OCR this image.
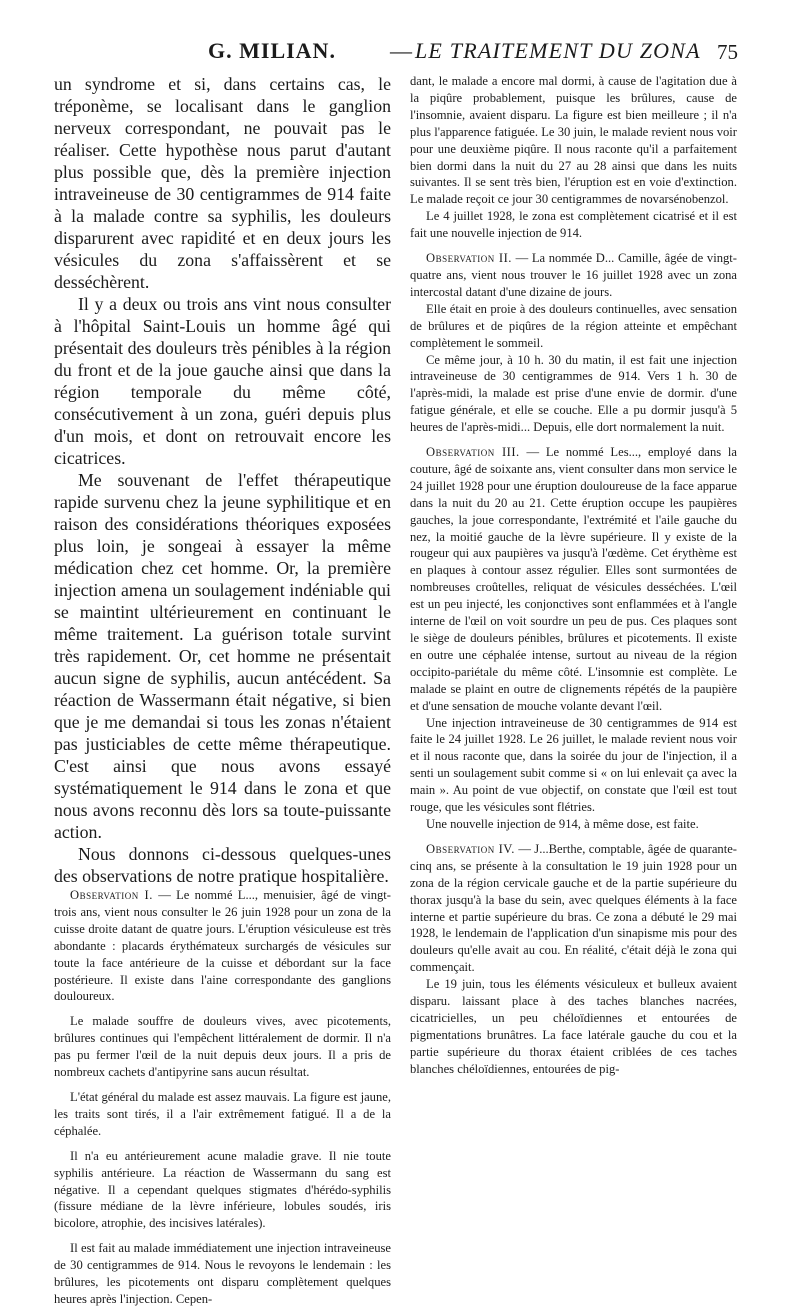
G. MILIAN. — LE TRAITEMENT DU ZONA 75

un syndrome et si, dans certains cas, le tréponème, se localisant dans le ganglion nerveux correspondant, ne pouvait pas le réaliser. Cette hypothèse nous parut d'autant plus possible que, dès la première injection intraveineuse de 30 centigrammes de 914 faite à la malade contre sa syphilis, les douleurs disparurent avec rapidité et en deux jours les vésicules du zona s'affaissèrent et se desséchèrent.

Il y a deux ou trois ans vint nous consulter à l'hôpital Saint-Louis un homme âgé qui présentait des douleurs très pénibles à la région du front et de la joue gauche ainsi que dans la région temporale du même côté, consécutivement à un zona, guéri depuis plus d'un mois, et dont on retrouvait encore les cicatrices.

Me souvenant de l'effet thérapeutique rapide survenu chez la jeune syphilitique et en raison des considérations théoriques exposées plus loin, je songeai à essayer la même médication chez cet homme. Or, la première injection amena un soulagement indéniable qui se maintint ultérieurement en continuant le même traitement. La guérison totale survint très rapidement. Or, cet homme ne présentait aucun signe de syphilis, aucun antécédent. Sa réaction de Wassermann était négative, si bien que je me demandai si tous les zonas n'étaient pas justiciables de cette même thérapeutique. C'est ainsi que nous avons essayé systématiquement le 914 dans le zona et que nous avons reconnu dès lors sa toute-puissante action.

Nous donnons ci-dessous quelques-unes des observations de notre pratique hospitalière.

Observation I. — Le nommé L..., menuisier, âgé de vingt-trois ans, vient nous consulter le 26 juin 1928 pour un zona de la cuisse droite datant de quatre jours. L'éruption vésiculeuse est très abondante : placards érythémateux surchargés de vésicules sur toute la face antérieure de la cuisse et débordant sur la face postérieure. Il existe dans l'aine correspondante des ganglions douloureux.

Le malade souffre de douleurs vives, avec picotements, brûlures continues qui l'empêchent littéralement de dormir. Il n'a pas pu fermer l'œil de la nuit depuis deux jours. Il a pris de nombreux cachets d'antipyrine sans aucun résultat.

L'état général du malade est assez mauvais. La figure est jaune, les traits sont tirés, il a l'air extrêmement fatigué. Il a de la céphalée.

Il n'a eu antérieurement acune maladie grave. Il nie toute syphilis antérieure. La réaction de Wassermann du sang est négative. Il a cependant quelques stigmates d'hérédo-syphilis (fissure médiane de la lèvre inférieure, lobules soudés, iris bicolore, atrophie, des incisives latérales).

Il est fait au malade immédiatement une injection intraveineuse de 30 centigrammes de 914. Nous le revoyons le lendemain : les brûlures, les picotements ont disparu complètement quelques heures après l'injection. Cepen-

dant, le malade a encore mal dormi, à cause de l'agitation due à la piqûre probablement, puisque les brûlures, cause de l'insomnie, avaient disparu. La figure est bien meilleure ; il n'a plus l'apparence fatiguée. Le 30 juin, le malade revient nous voir pour une deuxième piqûre. Il nous raconte qu'il a parfaitement bien dormi dans la nuit du 27 au 28 ainsi que dans les nuits suivantes. Il se sent très bien, l'éruption est en voie d'extinction. Le malade reçoit ce jour 30 centigrammes de novarsénobenzol.

Le 4 juillet 1928, le zona est complètement cicatrisé et il est fait une nouvelle injection de 914.

Observation II. — La nommée D... Camille, âgée de vingt-quatre ans, vient nous trouver le 16 juillet 1928 avec un zona intercostal datant d'une dizaine de jours.

Elle était en proie à des douleurs continuelles, avec sensation de brûlures et de piqûres de la région atteinte et empêchant complètement le sommeil.

Ce même jour, à 10 h. 30 du matin, il est fait une injection intraveineuse de 30 centigrammes de 914. Vers 1 h. 30 de l'après-midi, la malade est prise d'une envie de dormir. d'une fatigue générale, et elle se couche. Elle a pu dormir jusqu'à 5 heures de l'après-midi... Depuis, elle dort normalement la nuit.

Observation III. — Le nommé Les..., employé dans la couture, âgé de soixante ans, vient consulter dans mon service le 24 juillet 1928 pour une éruption douloureuse de la face apparue dans la nuit du 20 au 21. Cette éruption occupe les paupières gauches, la joue correspondante, l'extrémité et l'aile gauche du nez, la moitié gauche de la lèvre supérieure. Il y existe de la rougeur qui aux paupières va jusqu'à l'œdème. Cet érythème est en plaques à contour assez régulier. Elles sont surmontées de nombreuses croûtelles, reliquat de vésicules desséchées. L'œil est un peu injecté, les conjonctives sont enflammées et à l'angle interne de l'œil on voit sourdre un peu de pus. Ces plaques sont le siège de douleurs pénibles, brûlures et picotements. Il existe en outre une céphalée intense, surtout au niveau de la région occipito-pariétale du même côté. L'insomnie est complète. Le malade se plaint en outre de clignements répétés de la paupière et d'une sensation de mouche volante devant l'œil.

Une injection intraveineuse de 30 centigrammes de 914 est faite le 24 juillet 1928. Le 26 juillet, le malade revient nous voir et il nous raconte que, dans la soirée du jour de l'injection, il a senti un soulagement subit comme si « on lui enlevait ça avec la main ». Au point de vue objectif, on constate que l'œil est tout rouge, que les vésicules sont flétries.

Une nouvelle injection de 914, à même dose, est faite.

Observation IV. — J...Berthe, comptable, âgée de quarante-cinq ans, se présente à la consultation le 19 juin 1928 pour un zona de la région cervicale gauche et de la partie supérieure du thorax jusqu'à la base du sein, avec quelques éléments à la face interne et partie supérieure du bras. Ce zona a débuté le 29 mai 1928, le lendemain de l'application d'un sinapisme mis pour des douleurs qu'elle avait au cou. En réalité, c'était déjà le zona qui commençait.

Le 19 juin, tous les éléments vésiculeux et bulleux avaient disparu. laissant place à des taches blanches nacrées, cicatricielles, un peu chéloïdiennes et entourées de pigmentations brunâtres. La face latérale gauche du cou et la partie supérieure du thorax étaient criblées de ces taches blanches chéloïdiennes, entourées de pig-
